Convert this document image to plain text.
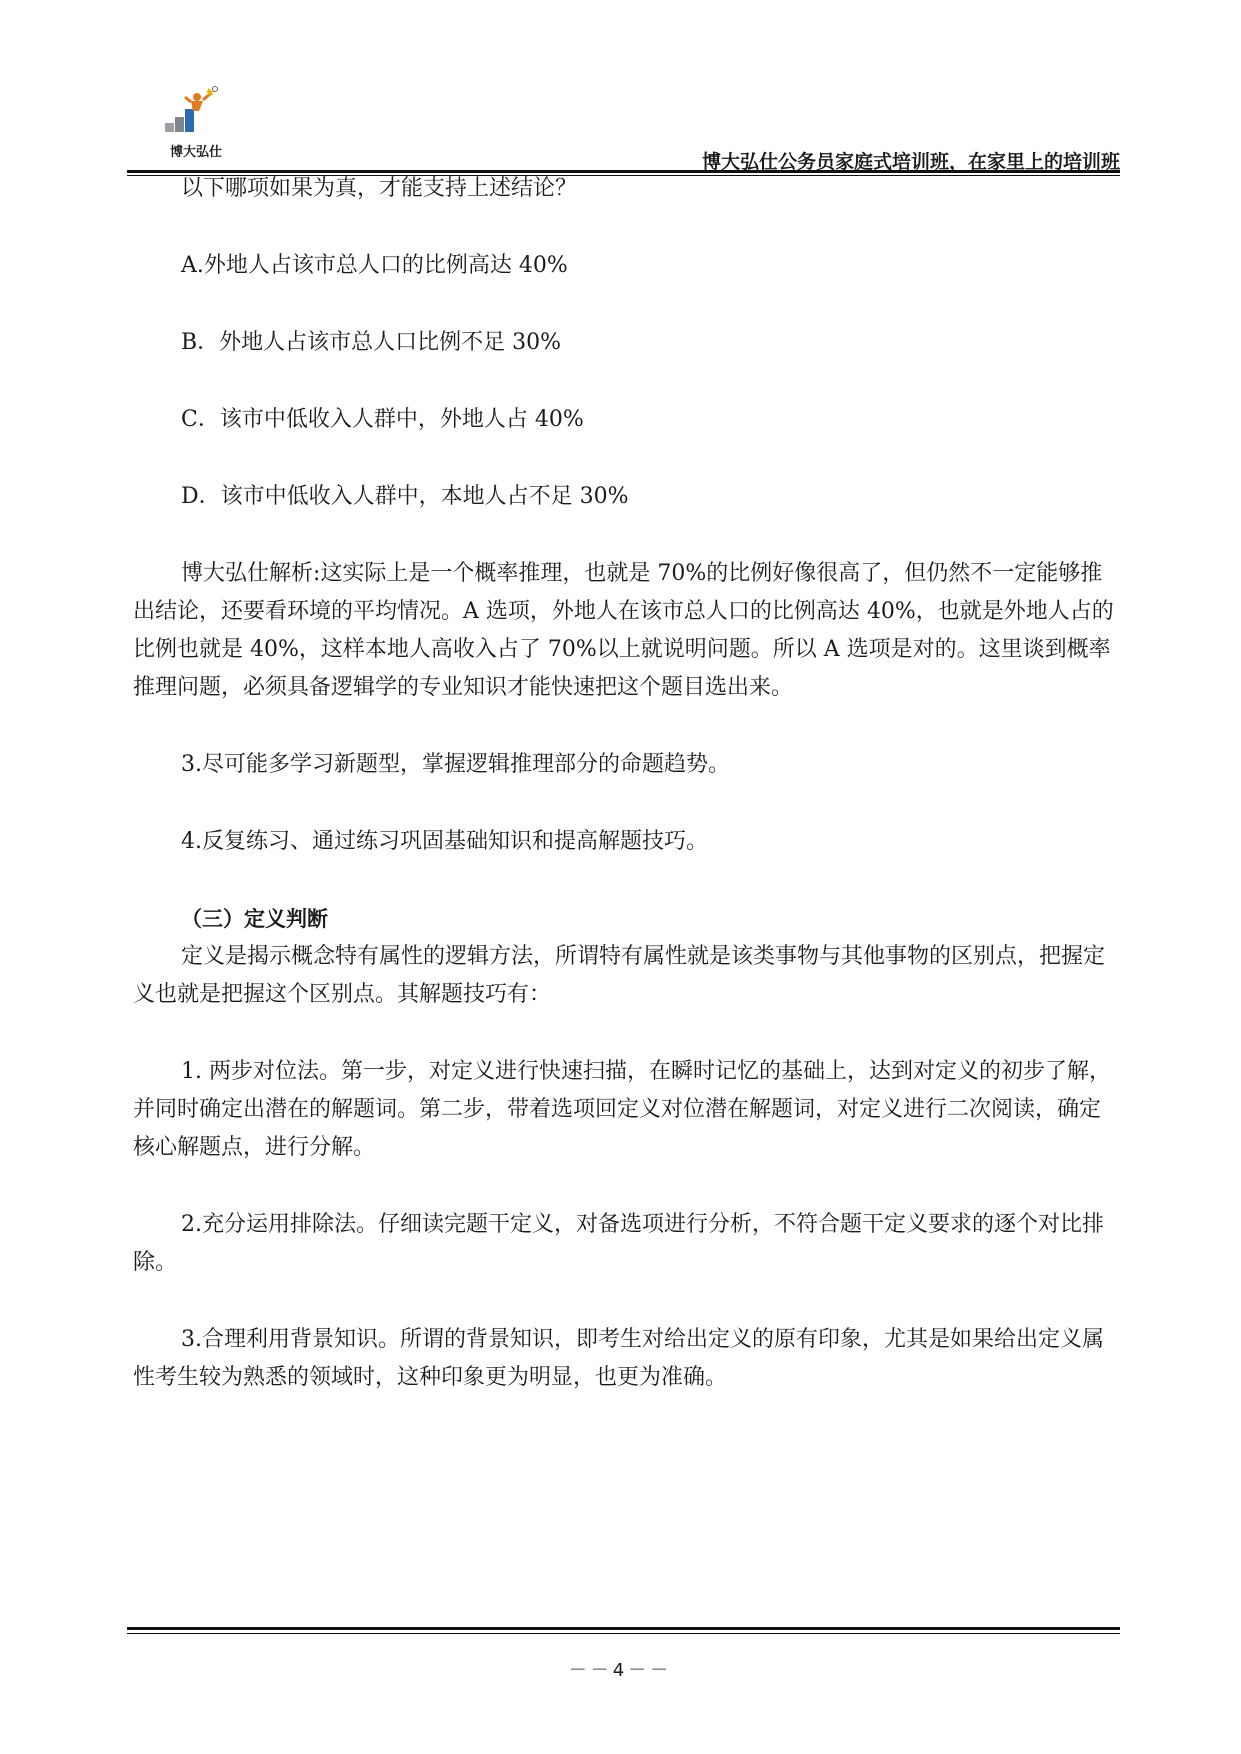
博大弘仕	博大弘仕公务员家庭式培训班，在家里上的培训班

以下哪项如果为真，才能支持上述结论？

A.外地人占该市总人口的比例高达 40%

B．外地人占该市总人口比例不足 30%

C．该市中低收入人群中，外地人占 40%

D．该市中低收入人群中，本地人占不足 30%

博大弘仕解析:这实际上是一个概率推理，也就是 70%的比例好像很高了，但仍然不一定能够推出结论，还要看环境的平均情况。A 选项，外地人在该市总人口的比例高达 40%，也就是外地人占的比例也就是 40%，这样本地人高收入占了 70%以上就说明问题。所以 A 选项是对的。这里谈到概率推理问题，必须具备逻辑学的专业知识才能快速把这个题目选出来。

3.尽可能多学习新题型，掌握逻辑推理部分的命题趋势。

4.反复练习、通过练习巩固基础知识和提高解题技巧。

（三）定义判断

定义是揭示概念特有属性的逻辑方法，所谓特有属性就是该类事物与其他事物的区别点，把握定义也就是把握这个区别点。其解题技巧有：

1. 两步对位法。第一步，对定义进行快速扫描，在瞬时记忆的基础上，达到对定义的初步了解，并同时确定出潜在的解题词。第二步，带着选项回定义对位潜在解题词，对定义进行二次阅读，确定核心解题点，进行分解。

2.充分运用排除法。仔细读完题干定义，对备选项进行分析，不符合题干定义要求的逐个对比排除。

3.合理利用背景知识。所谓的背景知识，即考生对给出定义的原有印象，尤其是如果给出定义属性考生较为熟悉的领域时，这种印象更为明显，也更为准确。

－－4－－
